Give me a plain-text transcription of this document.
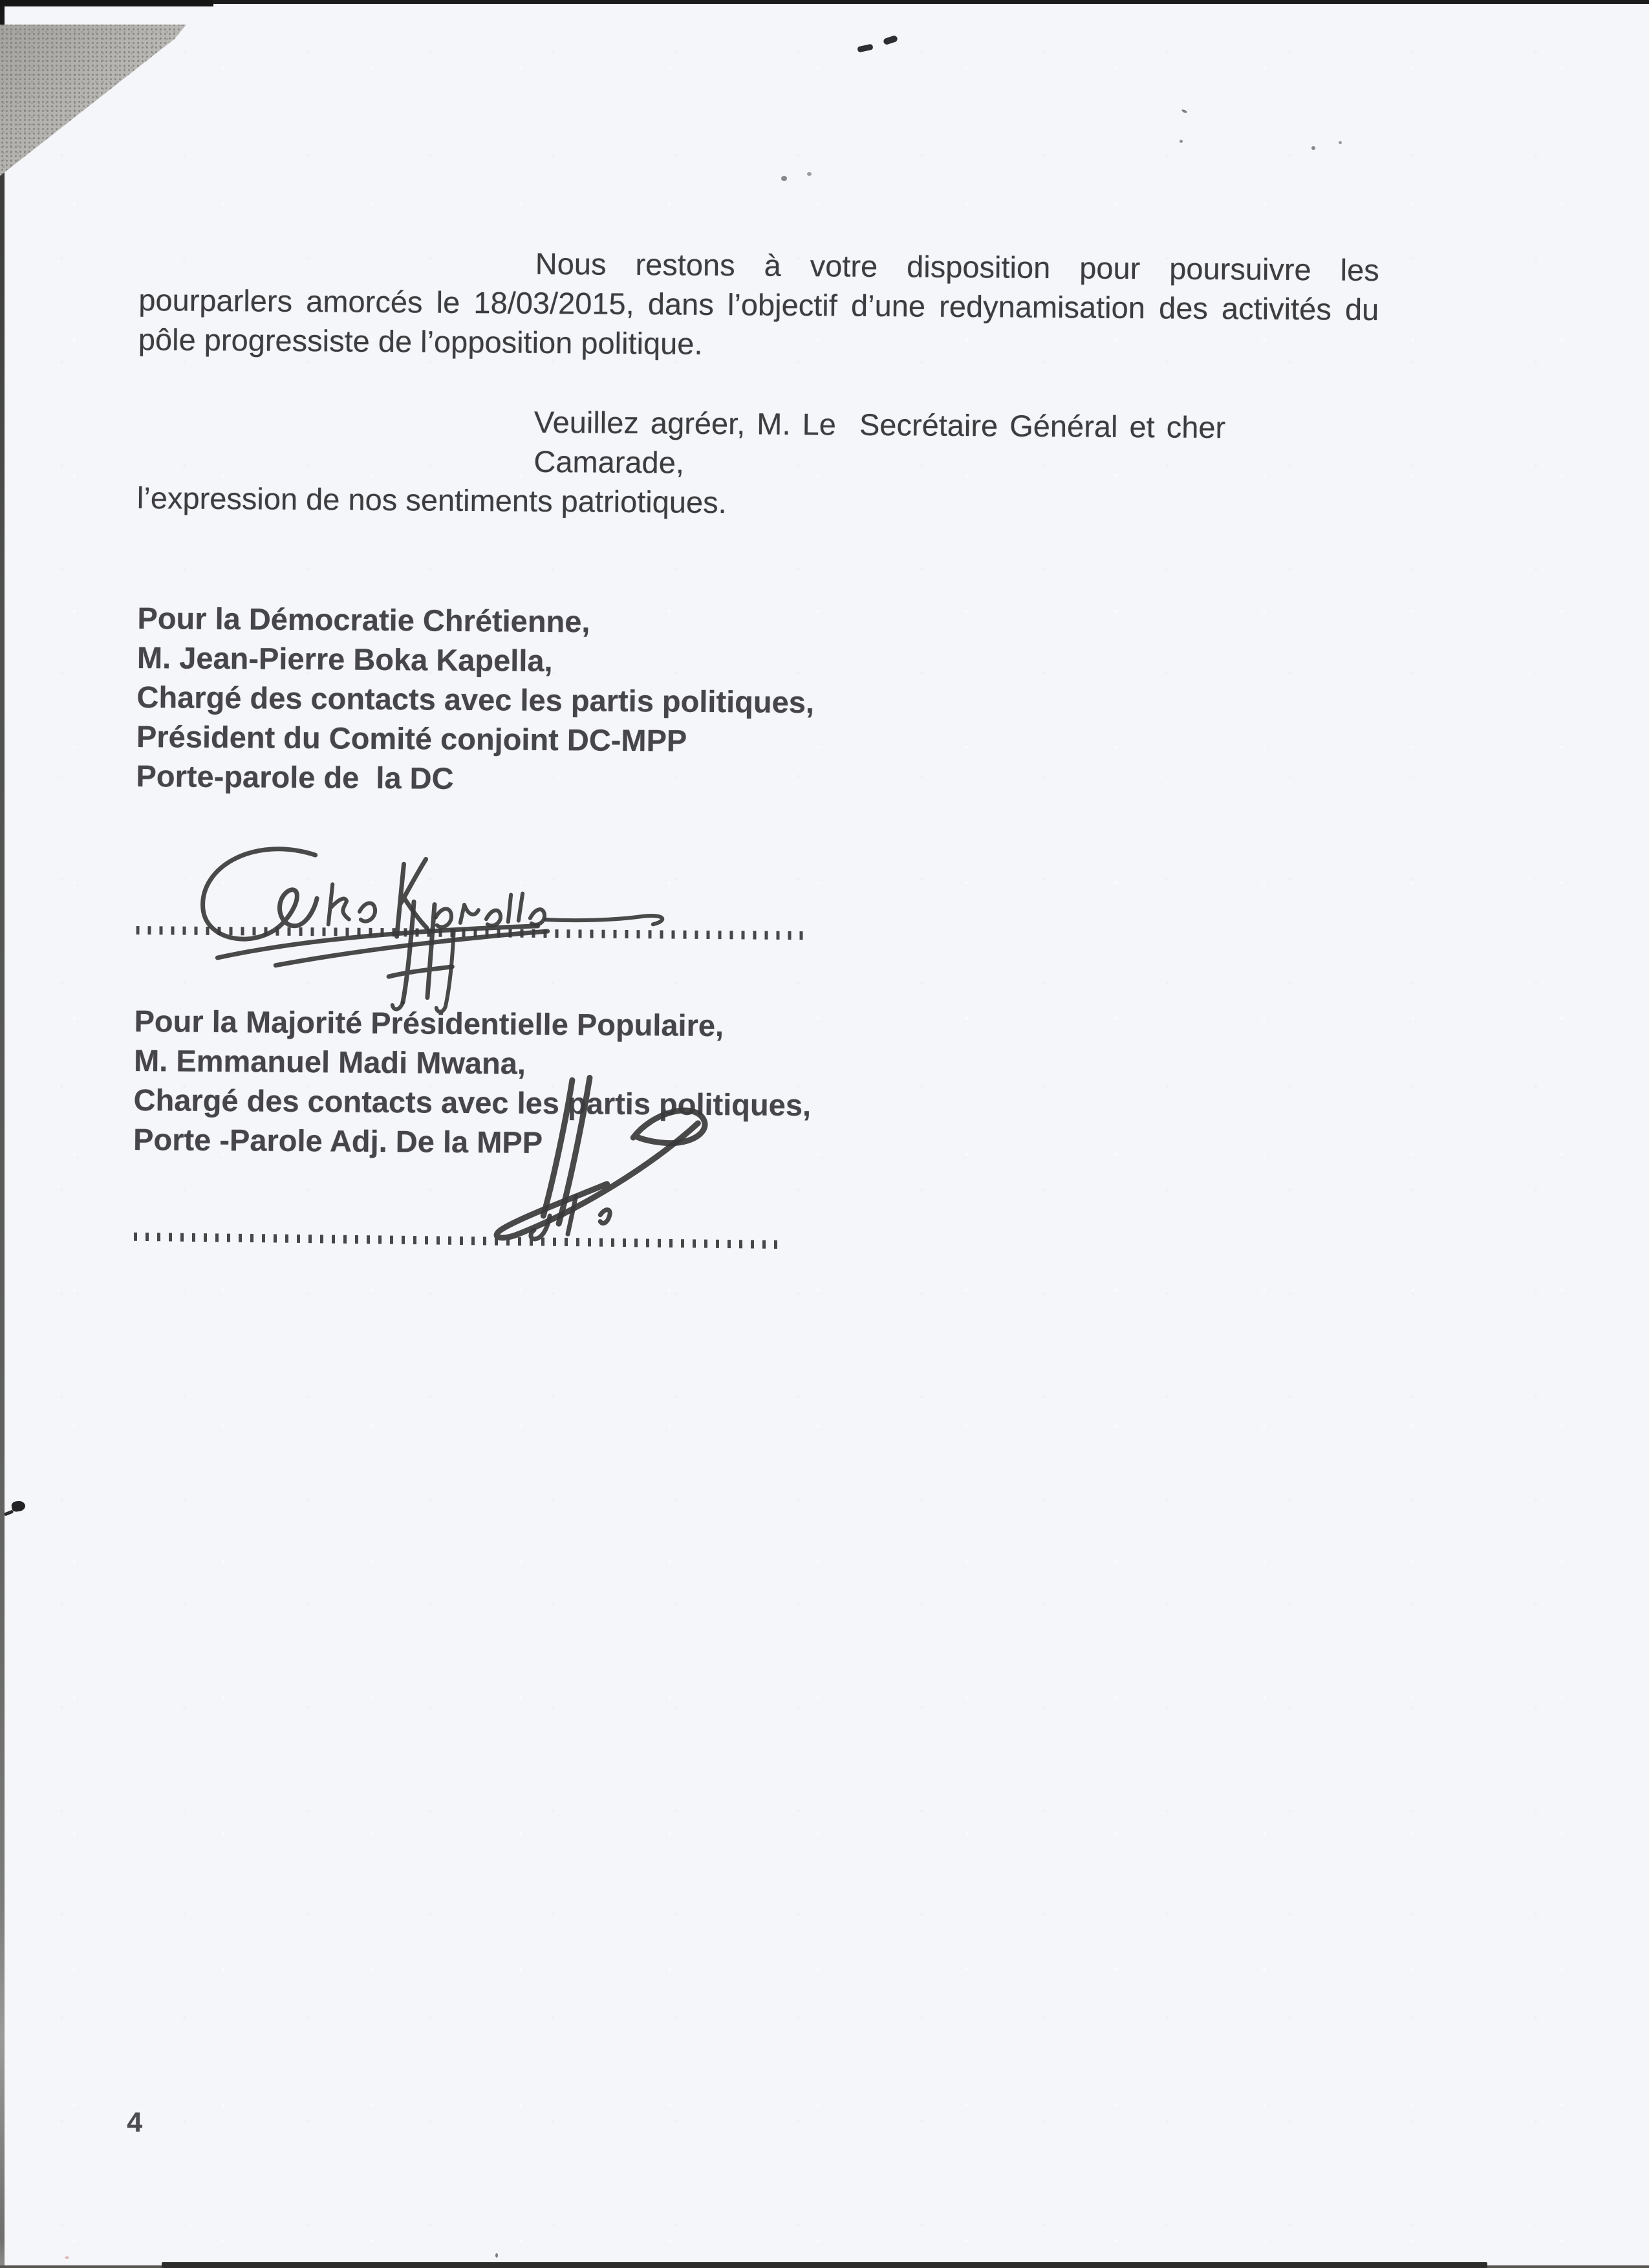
Nous restons à votre disposition pour poursuivre les
pourparlers amorcés le 18/03/2015, dans l’objectif d’une redynamisation des activités du
pôle progressiste de l’opposition politique.
Veuillez agréer, M. Le  Secrétaire Général et cher Camarade,
l’expression de nos sentiments patriotiques.
Pour la Démocratie Chrétienne,
M. Jean-Pierre Boka Kapella,
Chargé des contacts avec les partis politiques,
Président du Comité conjoint DC-MPP
Porte-parole de  la DC
Pour la Majorité Présidentielle Populaire,
M. Emmanuel Madi Mwana,
Chargé des contacts avec les partis politiques,
Porte -Parole Adj. De la MPP
4
